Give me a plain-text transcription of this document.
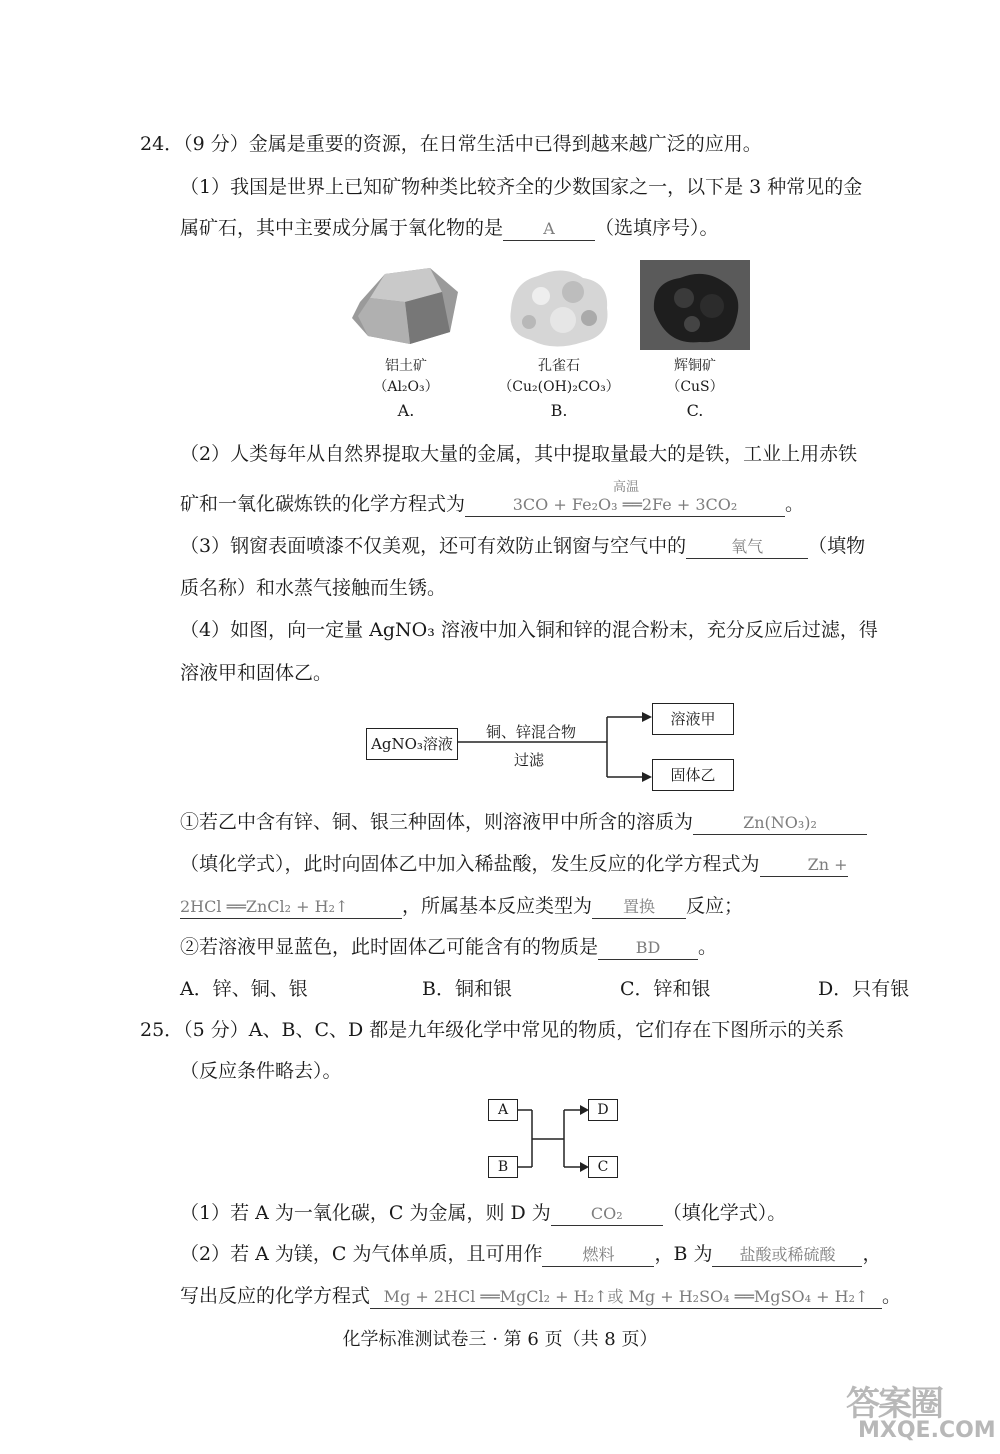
24．（9 分）金属是重要的资源，在日常生活中已得到越来越广泛的应用。
（1）我国是世界上已知矿物种类比较齐全的少数国家之一，以下是 3 种常见的金
属矿石，其中主要成分属于氧化物的是	A （选填序号）。
铝土矿
（Al₂O₃）
A.
孔雀石
（Cu₂(OH)₂CO₃）
B.
辉铜矿
（CuS）
C.
（2）人类每年从自然界提取大量的金属，其中提取量最大的是铁，工业上用赤铁
矿和一氧化碳炼铁的化学方程式为
高温
3CO + Fe₂O₃ ══2Fe + 3CO₂	。
（3）钢窗表面喷漆不仅美观，还可有效防止钢窗与空气中的	氧气 （填物
质名称）和水蒸气接触而生锈。
（4）如图，向一定量 AgNO₃ 溶液中加入铜和锌的混合粉末，充分反应后过滤，得
溶液甲和固体乙。
AgNO₃溶液
铜、锌混合物
过滤
溶液甲
固体乙
①若乙中含有锌、铜、银三种固体，则溶液甲中所含的溶质为	Zn(NO₃)₂
（填化学式），此时向固体乙中加入稀盐酸，发生反应的化学方程式为	Zn +
2HCl ══ZnCl₂ + H₂↑	，所属基本反应类型为 置换 反应；
②若溶液甲显蓝色，此时固体乙可能含有的物质是 BD 。
A．锌、铜、银	B．铜和银	C．锌和银	D．只有银
25．（5 分）A、B、C、D 都是九年级化学中常见的物质，它们存在下图所示的关系
（反应条件略去）。
A
B
D
C
（1）若 A 为一氧化碳，C 为金属，则 D 为	CO₂ （填化学式）。
（2）若 A 为镁，C 为气体单质，且可用作 燃料 ，B 为 盐酸或稀硫酸 ，
写出反应的化学方程式 Mg + 2HCl ══MgCl₂ + H₂↑或 Mg + H₂SO₄ ══MgSO₄ + H₂↑ 。
化学标准测试卷三 · 第 6 页（共 8 页）
答案圈
MXQE.COM
